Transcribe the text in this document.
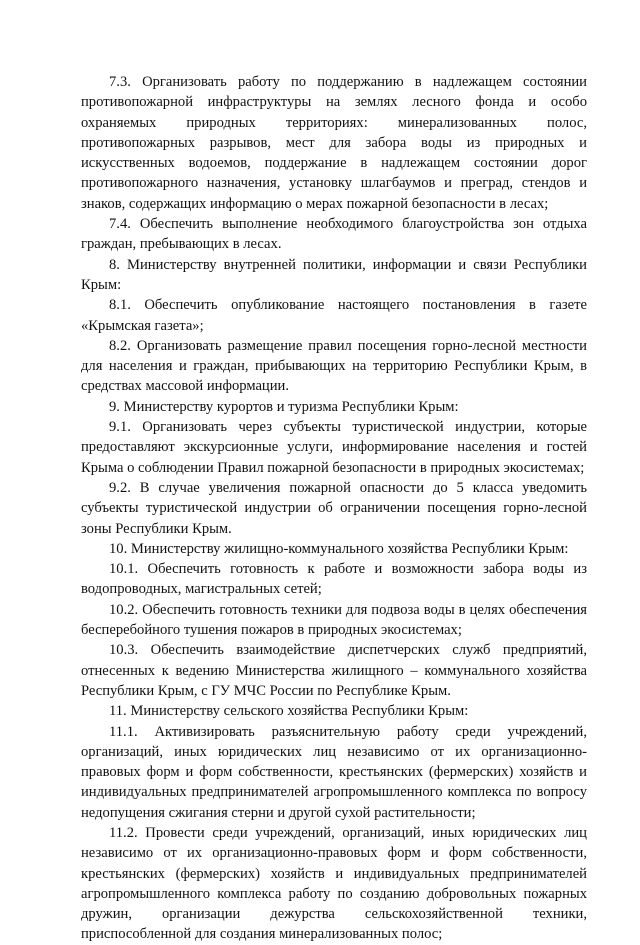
7.3. Организовать работу по поддержанию в надлежащем состоянии противопожарной инфраструктуры на землях лесного фонда и особо охраняемых природных территориях: минерализованных полос, противопожарных разрывов, мест для забора воды из природных и искусственных водоемов, поддержание в надлежащем состоянии дорог противопожарного назначения, установку шлагбаумов и преград, стендов и знаков, содержащих информацию о мерах пожарной безопасности в лесах;

7.4. Обеспечить выполнение необходимого благоустройства зон отдыха граждан, пребывающих в лесах.

8. Министерству внутренней политики, информации и связи Республики Крым:

8.1. Обеспечить опубликование настоящего постановления в газете «Крымская газета»;

8.2. Организовать размещение правил посещения горно-лесной местности для населения и граждан, прибывающих на территорию Республики Крым, в средствах массовой информации.

9. Министерству курортов и туризма Республики Крым:

9.1. Организовать через субъекты туристической индустрии, которые предоставляют экскурсионные услуги, информирование населения и гостей Крыма о соблюдении Правил пожарной безопасности в природных экосистемах;

9.2. В случае увеличения пожарной опасности до 5 класса уведомить субъекты туристической индустрии об ограничении посещения горно-лесной зоны Республики Крым.

10. Министерству жилищно-коммунального хозяйства Республики Крым:

10.1. Обеспечить готовность к работе и возможности забора воды из водопроводных, магистральных сетей;

10.2. Обеспечить готовность техники для подвоза воды в целях обеспечения бесперебойного тушения пожаров в природных экосистемах;

10.3. Обеспечить взаимодействие диспетчерских служб предприятий, отнесенных к ведению Министерства жилищного – коммунального хозяйства Республики Крым, с ГУ МЧС России по Республике Крым.

11. Министерству сельского хозяйства Республики Крым:

11.1. Активизировать разъяснительную работу среди учреждений, организаций, иных юридических лиц независимо от их организационно-правовых форм и форм собственности, крестьянских (фермерских) хозяйств и индивидуальных предпринимателей агропромышленного комплекса по вопросу недопущения сжигания стерни и другой сухой растительности;

11.2. Провести среди учреждений, организаций, иных юридических лиц независимо от их организационно-правовых форм и форм собственности, крестьянских (фермерских) хозяйств и индивидуальных предпринимателей агропромышленного комплекса работу по созданию добровольных пожарных дружин, организации дежурства сельскохозяйственной техники, приспособленной для создания минерализованных полос;
